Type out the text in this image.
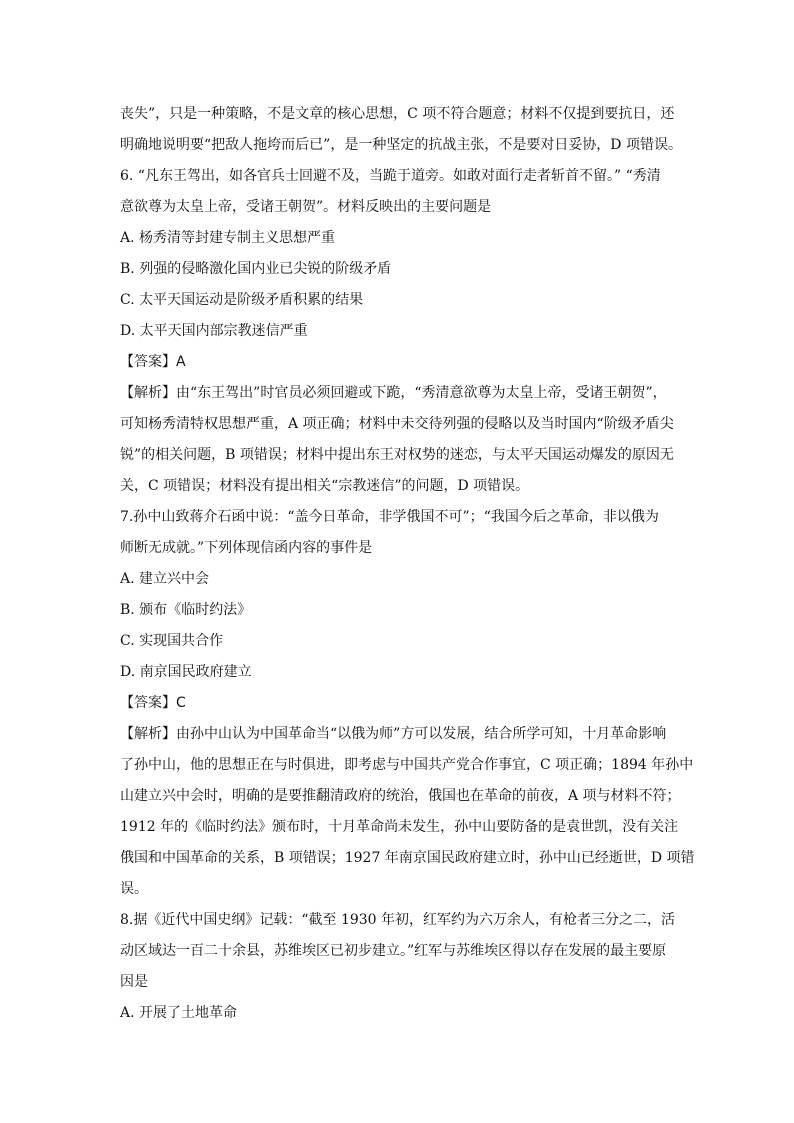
丧失”，只是一种策略，不是文章的核心思想，C 项不符合题意；材料不仅提到要抗日，还
明确地说明要“把敌人拖垮而后已”，是一种坚定的抗战主张，不是要对日妥协，D 项错误。
6. “凡东王驾出，如各官兵士回避不及，当跪于道旁。如敢对面行走者斩首不留。” “秀清
意欲尊为太皇上帝，受诸王朝贺”。材料反映出的主要问题是
A. 杨秀清等封建专制主义思想严重
B. 列强的侵略激化国内业已尖锐的阶级矛盾
C. 太平天国运动是阶级矛盾积累的结果
D. 太平天国内部宗教迷信严重
【答案】A
【解析】由“东王驾出”时官员必须回避或下跪，“秀清意欲尊为太皇上帝，受诸王朝贺”，
可知杨秀清特权思想严重，A 项正确；材料中未交待列强的侵略以及当时国内“阶级矛盾尖
锐”的相关问题，B 项错误；材料中提出东王对权势的迷恋，与太平天国运动爆发的原因无
关，C 项错误；材料没有提出相关“宗教迷信”的问题，D 项错误。
7.孙中山致蒋介石函中说：“盖今日革命，非学俄国不可”；“我国今后之革命，非以俄为
师断无成就。”下列体现信函内容的事件是
A. 建立兴中会
B. 颁布《临时约法》
C. 实现国共合作
D. 南京国民政府建立
【答案】C
【解析】由孙中山认为中国革命当“以俄为师”方可以发展，结合所学可知，十月革命影响
了孙中山，他的思想正在与时俱进，即考虑与中国共产党合作事宜，C 项正确；1894 年孙中
山建立兴中会时，明确的是要推翻清政府的统治，俄国也在革命的前夜，A 项与材料不符；
1912 年的《临时约法》颁布时，十月革命尚未发生，孙中山要防备的是袁世凯，没有关注
俄国和中国革命的关系，B 项错误；1927 年南京国民政府建立时，孙中山已经逝世，D 项错
误。
8.据《近代中国史纲》记载：“截至 1930 年初，红军约为六万余人，有枪者三分之二，活
动区域达一百二十余县，苏维埃区已初步建立。”红军与苏维埃区得以存在发展的最主要原
因是
A. 开展了土地革命
